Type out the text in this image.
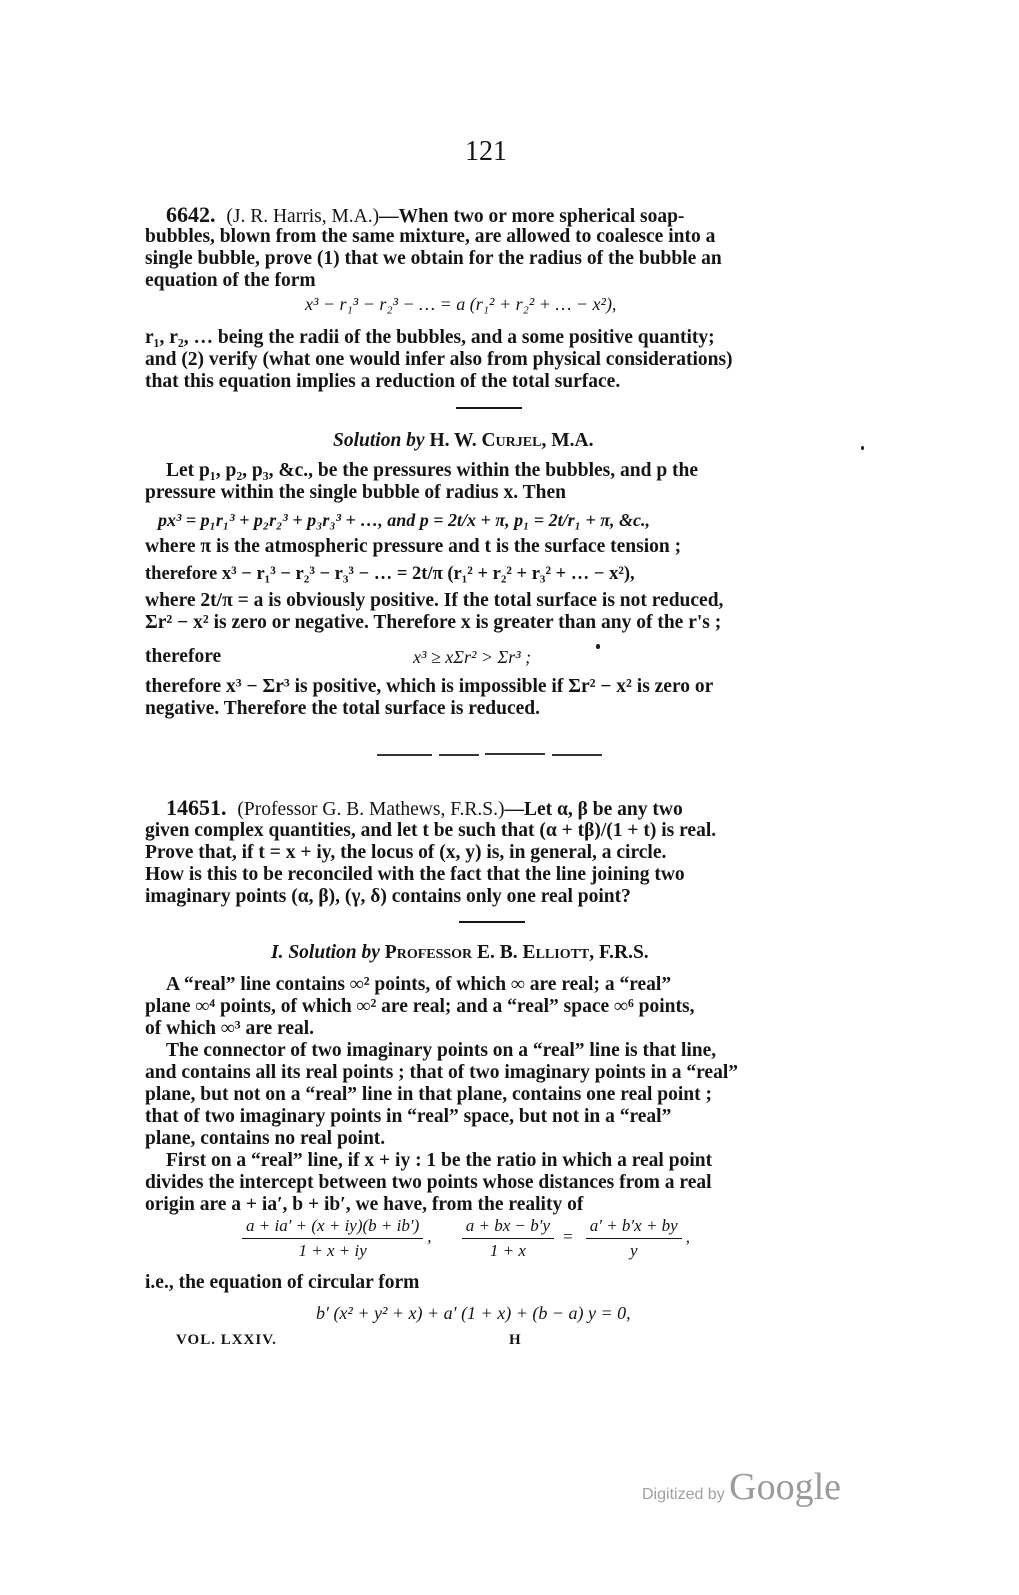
121
6642. (J. R. Harris, M.A.)—When two or more spherical soap-
bubbles, blown from the same mixture, are allowed to coalesce into a
single bubble, prove (1) that we obtain for the radius of the bubble an
equation of the form
x³ − r₁³ − r₂³ − … = a (r₁² + r₂² + … − x²),
r₁, r₂, … being the radii of the bubbles, and a some positive quantity;
and (2) verify (what one would infer also from physical considerations)
that this equation implies a reduction of the total surface.
Solution by H. W. Curjel, M.A.
Let p₁, p₂, p₃, &c., be the pressures within the bubbles, and p the
pressure within the single bubble of radius x. Then
px³ = p₁r₁³ + p₂r₂³ + p₃r₃³ + …, and p = 2t/x + π, p₁ = 2t/r₁ + π, &c.,
where π is the atmospheric pressure and t is the surface tension ;
therefore x³ − r₁³ − r₂³ − r₃³ − … = 2t/π (r₁² + r₂² + r₃² + … − x²),
where 2t/π = a is obviously positive. If the total surface is not reduced,
Σr² − x² is zero or negative. Therefore x is greater than any of the r's ;
therefore	x³ ≥ xΣr² > Σr³ ;
therefore x³ − Σr³ is positive, which is impossible if Σr² − x² is zero or
negative. Therefore the total surface is reduced.
14651. (Professor G. B. Mathews, F.R.S.)—Let α, β be any two
given complex quantities, and let t be such that (α + tβ)/(1 + t) is real.
Prove that, if t = x + iy, the locus of (x, y) is, in general, a circle.
How is this to be reconciled with the fact that the line joining two
imaginary points (α, β), (γ, δ) contains only one real point?
I. Solution by Professor E. B. Elliott, F.R.S.
A “real” line contains ∞² points, of which ∞ are real; a “real”
plane ∞⁴ points, of which ∞² are real; and a “real” space ∞⁶ points,
of which ∞³ are real.
The connector of two imaginary points on a “real” line is that line,
and contains all its real points ; that of two imaginary points in a “real”
plane, but not on a “real” line in that plane, contains one real point ;
that of two imaginary points in “real” space, but not in a “real”
plane, contains no real point.
First on a “real” line, if x + iy : 1 be the ratio in which a real point
divides the intercept between two points whose distances from a real
origin are a + ia′, b + ib′, we have, from the reality of
$\frac{a + ia' + (x + iy)(b + ib')}{1 + x + iy}$ , $\frac{a + bx - b'y}{1 + x} = \frac{a' + b'x + by}{y}$ ,
i.e., the equation of circular form
b′ (x² + y² + x) + a′ (1 + x) + (b − a) y = 0,
VOL. LXXIV.	H
Digitized by Google
